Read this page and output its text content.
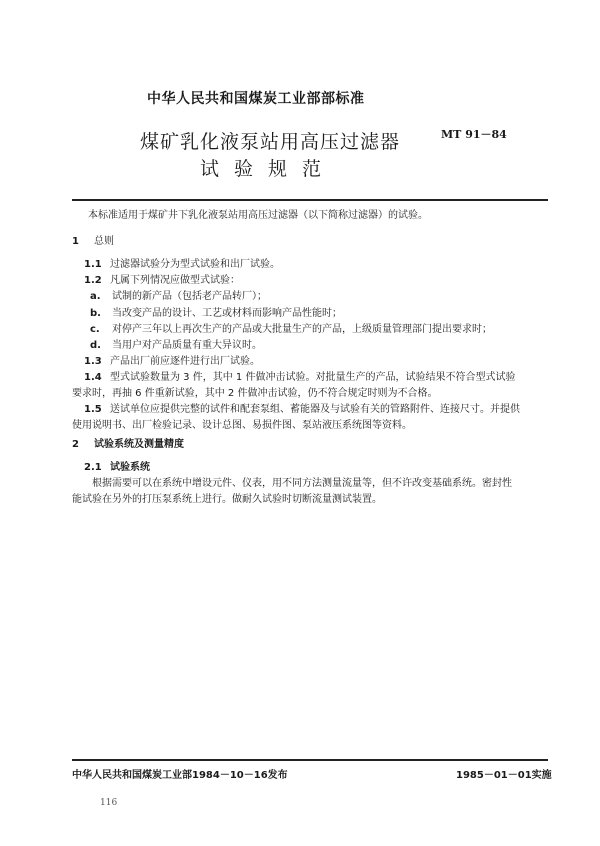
中华人民共和国煤炭工业部部标准
煤矿乳化液泵站用高压过滤器
试 验 规 范
MT 91－84
本标准适用于煤矿井下乳化液泵站用高压过滤器（以下简称过滤器）的试验。
1 总则
1.1 过滤器试验分为型式试验和出厂试验。
1.2 凡属下列情况应做型式试验：
a. 试制的新产品（包括老产品转厂）；
b. 当改变产品的设计、工艺或材料而影响产品性能时；
c. 对停产三年以上再次生产的产品或大批量生产的产品，上级质量管理部门提出要求时；
d. 当用户对产品质量有重大异议时。
1.3 产品出厂前应逐件进行出厂试验。
1.4 型式试验数量为 3 件，其中 1 件做冲击试验。对批量生产的产品，试验结果不符合型式试验
要求时，再抽 6 件重新试验，其中 2 件做冲击试验，仍不符合规定时则为不合格。
1.5 送试单位应提供完整的试件和配套泵组、蓄能器及与试验有关的管路附件、连接尺寸。并提供
使用说明书、出厂检验记录、设计总图、易损件图、泵站液压系统图等资料。
2 试验系统及测量精度
2.1 试验系统
根据需要可以在系统中增设元件、仪表，用不同方法测量流量等，但不许改变基础系统。密封性
能试验在另外的打压泵系统上进行。做耐久试验时切断流量测试装置。
中华人民共和国煤炭工业部1984－10－16发布	1985－01－01实施
116
